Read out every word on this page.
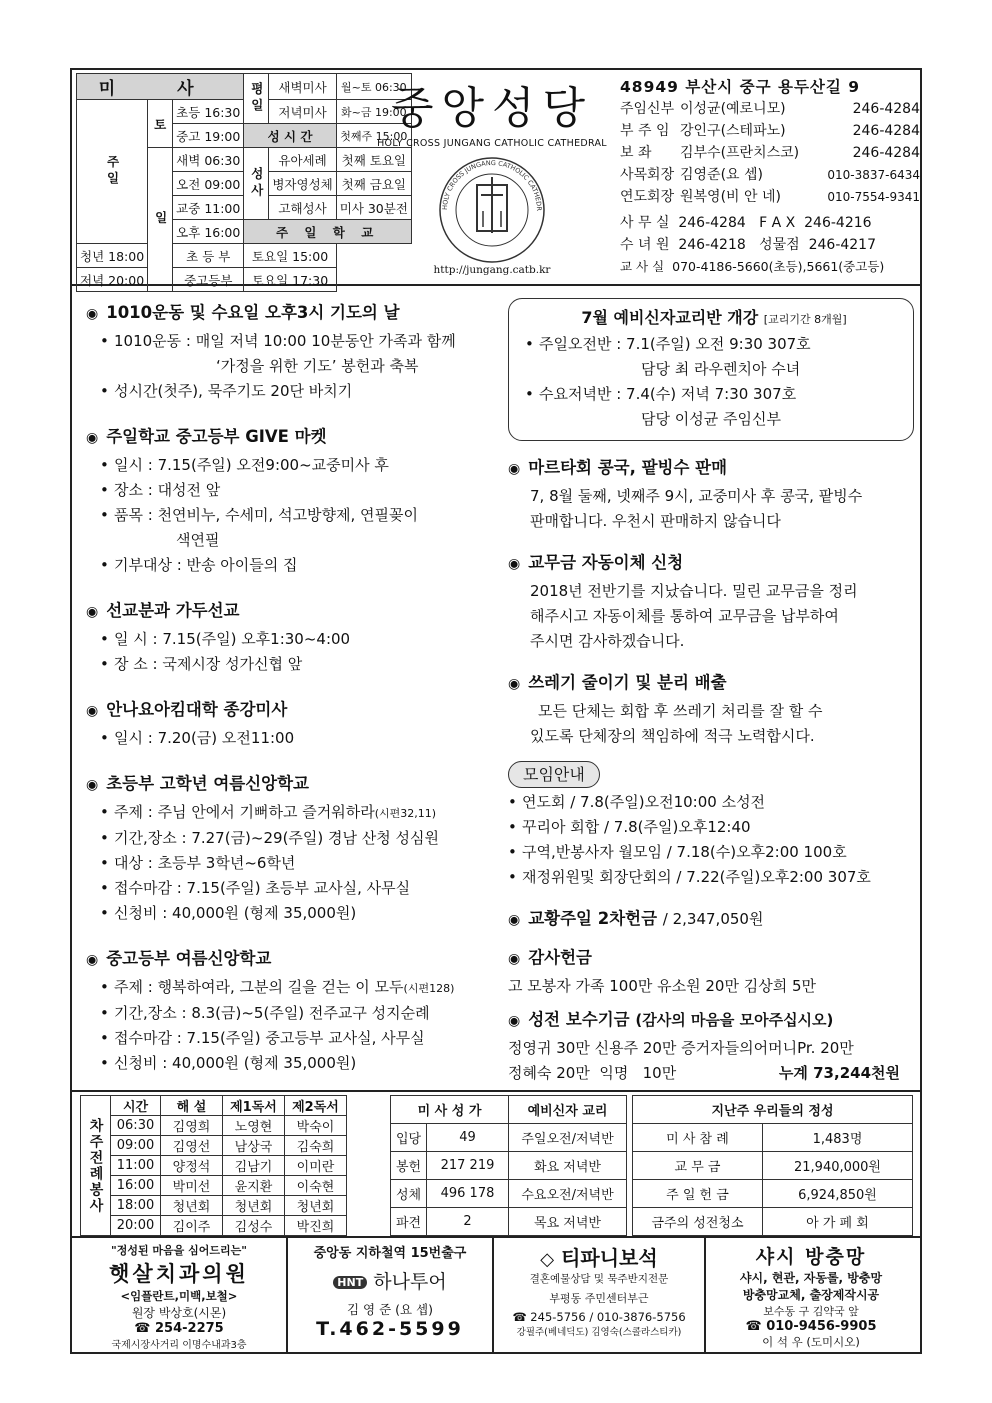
미 사			평일	새벽미사	월~토 06:30
주일	토	초등 16:30		저녁미사	화~금 19:00
		중고 19:00	성 시 간		첫째주 15:00
	일	새벽 06:30	성사	유아세례	첫째 토요일
		오전 09:00		병자영성체	첫째 금요일
		교중 11:00		고해성사	미사 30분전
		오후 16:00	주 일 학 교		
청년 18:00		초 등 부	토요일 15:00		
저녁 20:00		중고등부	토요일 17:30		
중앙성당
HOLY CROSS JUNGANG CATHOLIC CATHEDRAL
HOLY CROSS JUNGANG CATHOLIC CATHEDR
http://jungang.catb.kr
48949 부산시 중구 용두산길 9
주임신부 이성균(예로니모)	246-4284
부 주 임 강인구(스테파노)	246-4284
보 좌	김부수(프란치스코)	246-4284
사목회장 김영준(요 셉)	010-3837-6434
연도회장 원복영(비 안 네)	010-7554-9341
사 무 실  246-4284   F A X  246-4216
수 녀 원  246-4218   성물점  246-4217
교 사 실  070-4186-5660(초등),5661(중고등)
◉ 1010운동 및 수요일 오후3시 기도의 날
• 1010운동 : 매일 저녁 10:00 10분동안 가족과 함께
‘가정을 위한 기도’ 봉헌과 축복
• 성시간(첫주), 묵주기도 20단 바치기
◉ 주일학교 중고등부 GIVE 마켓
• 일시 : 7.15(주일) 오전9:00~교중미사 후
• 장소 : 대성전 앞
• 품목 : 천연비누, 수세미, 석고방향제, 연필꽂이
색연필
• 기부대상 : 반송 아이들의 집
◉ 선교분과 가두선교
• 일 시 : 7.15(주일) 오후1:30~4:00
• 장 소 : 국제시장 성가신협 앞
◉ 안나요아킴대학 종강미사
• 일시 : 7.20(금) 오전11:00
◉ 초등부 고학년 여름신앙학교
• 주제 : 주님 안에서 기뻐하고 즐거워하라(시편32,11)
• 기간,장소 : 7.27(금)~29(주일) 경남 산청 성심원
• 대상 : 초등부 3학년~6학년
• 접수마감 : 7.15(주일) 초등부 교사실, 사무실
• 신청비 : 40,000원 (형제 35,000원)
◉ 중고등부 여름신앙학교
• 주제 : 행복하여라, 그분의 길을 걷는 이 모두(시편128)
• 기간,장소 : 8.3(금)~5(주일) 전주교구 성지순례
• 접수마감 : 7.15(주일) 중고등부 교사실, 사무실
• 신청비 : 40,000원 (형제 35,000원)
7월 예비신자교리반 개강 [교리기간 8개월]
• 주일오전반 : 7.1(주일) 오전 9:30 307호
담당 최 라우렌치아 수녀
• 수요저녁반 : 7.4(수) 저녁 7:30 307호
담당 이성균 주임신부
◉ 마르타회 콩국, 팥빙수 판매
7, 8월 둘째, 넷째주 9시, 교중미사 후 콩국, 팥빙수
판매합니다. 우천시 판매하지 않습니다
◉ 교무금 자동이체 신청
2018년 전반기를 지났습니다. 밀린 교무금을 정리
해주시고 자동이체를 통하여 교무금을 납부하여
주시면 감사하겠습니다.
◉ 쓰레기 줄이기 및 분리 배출
모든 단체는 회합 후 쓰레기 처리를 잘 할 수
있도록 단체장의 책임하에 적극 노력합시다.
모임안내
• 연도회 / 7.8(주일)오전10:00 소성전
• 꾸리아 회합 / 7.8(주일)오후12:40
• 구역,반봉사자 월모임 / 7.18(수)오후2:00 100호
• 재정위원및 회장단회의 / 7.22(주일)오후2:00 307호
◉ 교황주일 2차헌금 / 2,347,050원
◉ 감사헌금
고 모봉자 가족 100만 유소원 20만 김상희 5만
◉ 성전 보수기금 (감사의 마음을 모아주십시오)
정영귀 30만 신용주 20만 증거자들의어머니Pr. 20만
정혜숙 20만  익명   10만	누계 73,244천원
차주전례봉사	시간	해 설	제1독서	제2독서
	06:30	김영희	노영현	박숙이
	09:00	김영선	남상국	김숙희
	11:00	양정석	김남기	이미란
	16:00	박미선	윤지환	이숙현
	18:00	청년회	청년회	청년회
	20:00	김이주	김성수	박진희
미 사 성 가		예비신자 교리
입당	49	주일오전/저녁반
봉헌	217 219	화요 저녁반
성체	496 178	수요오전/저녁반
파견	2	목요 저녁반
지난주 우리들의 정성	
미 사 참 례	1,483명
교 무 금	21,940,000원
주 일 헌 금	6,924,850원
금주의 성전청소	아 가 페 회
"정성된 마음을 심어드리는"
햇살치과의원
<임플란트,미백,보철>
원장 박상호(시몬)
☎ 254-2275
국제시장사거리 이명수내과3층
중앙동 지하철역 15번출구
HNT 하나투어
김 영 준 (요 셉)
T.462-5599
◇ 티파니보석
결혼예물상담 및 묵주반지전문
부평동 주민센터부근
☎ 245-5756 / 010-3876-5756
강필주(베네딕도) 김영숙(스콜라스티카)
샤시 방충망
샤시, 현관, 자동롤, 방충망
방충망교체, 출장제작시공
보수동 구 김약국 앞
☎ 010-9456-9905
이 석 우 (도미시오)
